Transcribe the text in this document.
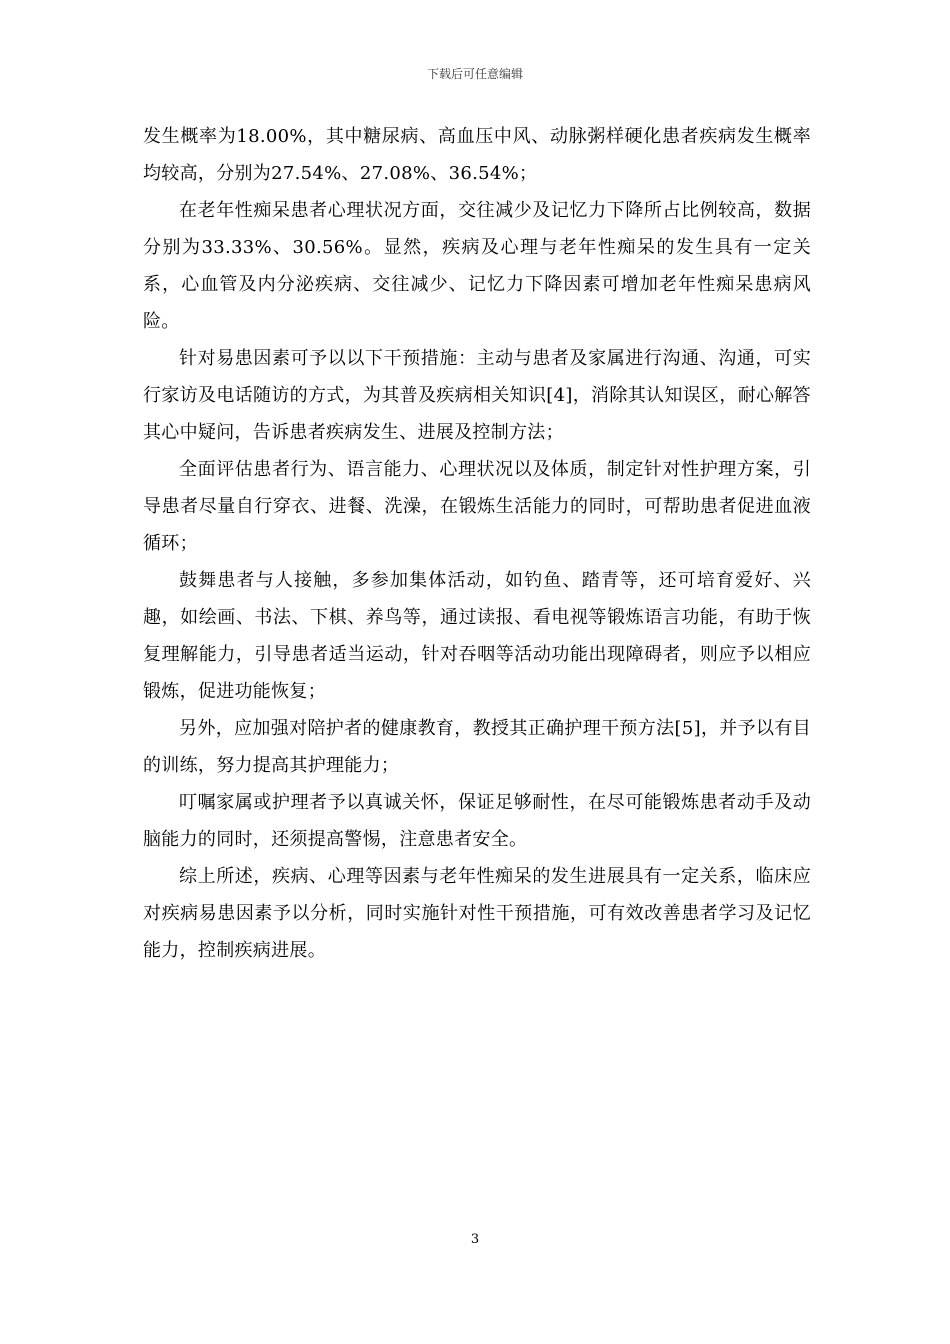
下载后可任意编辑

发生概率为18.00%，其中糖尿病、高血压中风、动脉粥样硬化患者疾病发生概率均较高，分别为27.54%、27.08%、36.54%；

在老年性痴呆患者心理状况方面，交往减少及记忆力下降所占比例较高，数据分别为33.33%、30.56%。显然，疾病及心理与老年性痴呆的发生具有一定关系，心血管及内分泌疾病、交往减少、记忆力下降因素可增加老年性痴呆患病风险。

针对易患因素可予以以下干预措施：主动与患者及家属进行沟通、沟通，可实行家访及电话随访的方式，为其普及疾病相关知识[4]，消除其认知误区，耐心解答其心中疑问，告诉患者疾病发生、进展及控制方法；

全面评估患者行为、语言能力、心理状况以及体质，制定针对性护理方案，引导患者尽量自行穿衣、进餐、洗澡，在锻炼生活能力的同时，可帮助患者促进血液循环；

鼓舞患者与人接触，多参加集体活动，如钓鱼、踏青等，还可培育爱好、兴趣，如绘画、书法、下棋、养鸟等，通过读报、看电视等锻炼语言功能，有助于恢复理解能力，引导患者适当运动，针对吞咽等活动功能出现障碍者，则应予以相应锻炼，促进功能恢复；

另外，应加强对陪护者的健康教育，教授其正确护理干预方法[5]，并予以有目的训练，努力提高其护理能力；

叮嘱家属或护理者予以真诚关怀，保证足够耐性，在尽可能锻炼患者动手及动脑能力的同时，还须提高警惕，注意患者安全。

综上所述，疾病、心理等因素与老年性痴呆的发生进展具有一定关系，临床应对疾病易患因素予以分析，同时实施针对性干预措施，可有效改善患者学习及记忆能力，控制疾病进展。

3
